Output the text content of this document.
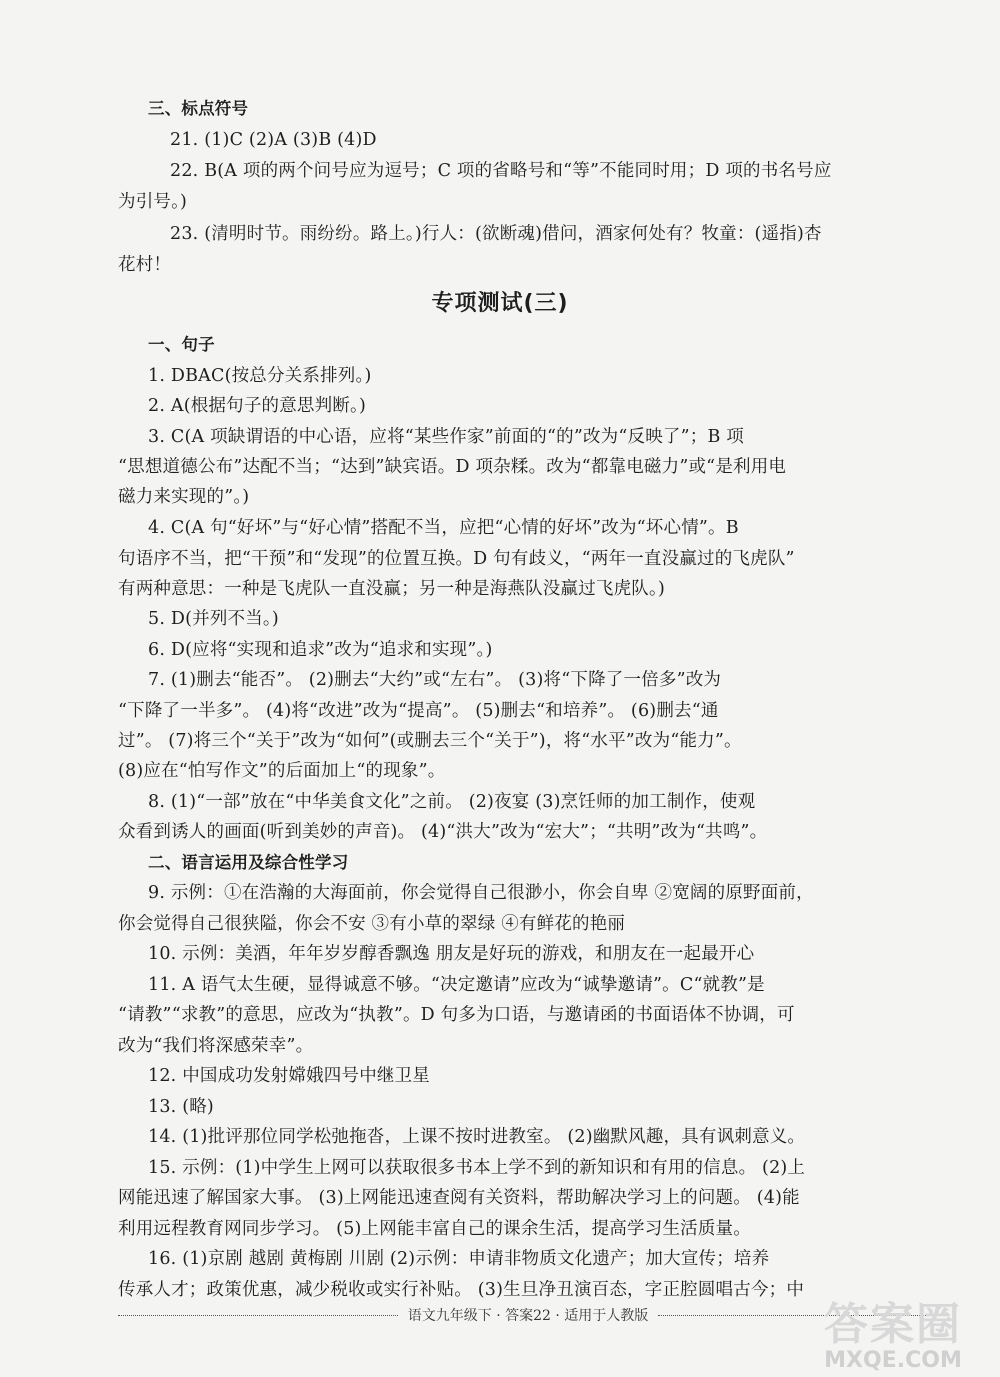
三、标点符号
21. (1)C (2)A (3)B (4)D
22. B(A 项的两个问号应为逗号；C 项的省略号和“等”不能同时用；D 项的书名号应
为引号。)
23. (清明时节。雨纷纷。路上。)行人：(欲断魂)借问，酒家何处有？牧童：(遥指)杏
花村！
专项测试(三)
一、句子
1. DBAC(按总分关系排列。)
2. A(根据句子的意思判断。)
3. C(A 项缺谓语的中心语，应将“某些作家”前面的“的”改为“反映了”；B 项
“思想道德公布”达配不当；“达到”缺宾语。D 项杂糅。改为“都靠电磁力”或“是利用电
磁力来实现的”。)
4. C(A 句“好坏”与“好心情”搭配不当，应把“心情的好坏”改为“坏心情”。B
句语序不当，把“干预”和“发现”的位置互换。D 句有歧义，“两年一直没赢过的飞虎队”
有两种意思：一种是飞虎队一直没赢；另一种是海燕队没赢过飞虎队。)
5. D(并列不当。)
6. D(应将“实现和追求”改为“追求和实现”。)
7. (1)删去“能否”。 (2)删去“大约”或“左右”。 (3)将“下降了一倍多”改为
“下降了一半多”。 (4)将“改进”改为“提高”。 (5)删去“和培养”。 (6)删去“通
过”。 (7)将三个“关于”改为“如何”(或删去三个“关于”)，将“水平”改为“能力”。
(8)应在“怕写作文”的后面加上“的现象”。
8. (1)“一部”放在“中华美食文化”之前。 (2)夜宴 (3)烹饪师的加工制作，使观
众看到诱人的画面(听到美妙的声音)。 (4)“洪大”改为“宏大”；“共明”改为“共鸣”。
二、语言运用及综合性学习
9. 示例：①在浩瀚的大海面前，你会觉得自己很渺小，你会自卑 ②宽阔的原野面前，
你会觉得自己很狭隘，你会不安 ③有小草的翠绿 ④有鲜花的艳丽
10. 示例：美酒，年年岁岁醇香飘逸 朋友是好玩的游戏，和朋友在一起最开心
11. A 语气太生硬，显得诚意不够。“决定邀请”应改为“诚挚邀请”。C“就教”是
“请教”“求教”的意思，应改为“执教”。D 句多为口语，与邀请函的书面语体不协调，可
改为“我们将深感荣幸”。
12. 中国成功发射嫦娥四号中继卫星
13. (略)
14. (1)批评那位同学松弛拖沓，上课不按时进教室。 (2)幽默风趣，具有讽刺意义。
15. 示例：(1)中学生上网可以获取很多书本上学不到的新知识和有用的信息。 (2)上
网能迅速了解国家大事。 (3)上网能迅速查阅有关资料，帮助解决学习上的问题。 (4)能
利用远程教育网同步学习。 (5)上网能丰富自己的课余生活，提高学习生活质量。
16. (1)京剧 越剧 黄梅剧 川剧 (2)示例：申请非物质文化遗产；加大宣传；培养
传承人才；政策优惠，减少税收或实行补贴。 (3)生旦净丑演百态，字正腔圆唱古今；中
语文九年级下 · 答案22 · 适用于人教版	答案圈
MXQE.COM
